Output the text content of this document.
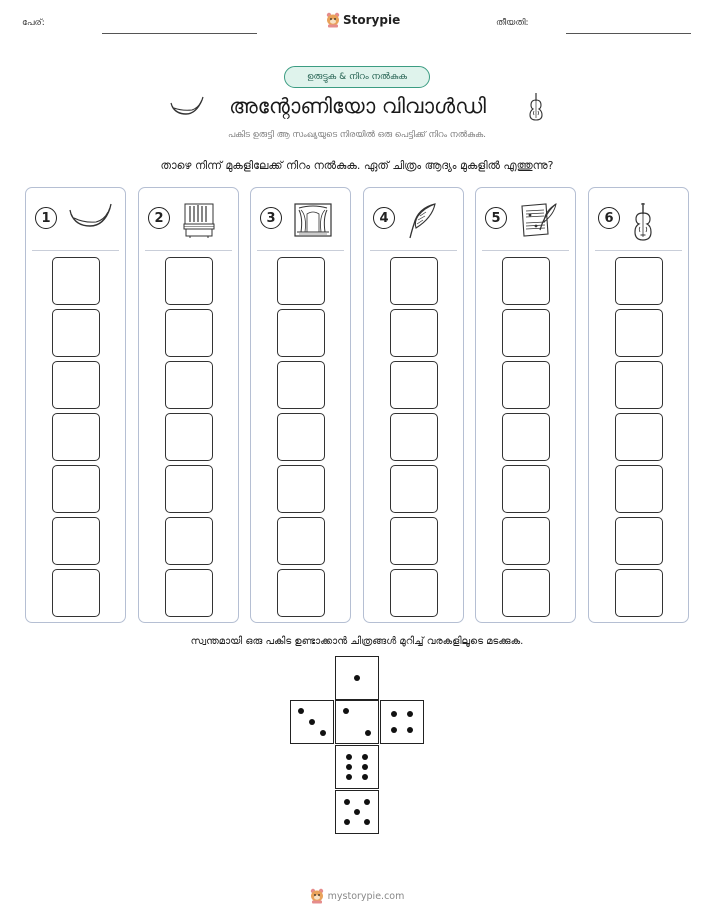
പേര്:	Storypie	തീയതി:
ഉരുട്ടുക & നിറം നൽകുക
അന്റോണിയോ വിവാൾഡി
പകിട ഉരുട്ടി ആ സംഖ്യയുടെ നിരയിൽ ഒരു പെട്ടിക്ക് നിറം നൽകുക.
താഴെ നിന്ന് മുകളിലേക്ക് നിറം നൽകുക. ഏത് ചിത്രം ആദ്യം മുകളിൽ എത്തുന്നു?
1	2	3	4	5	6
സ്വന്തമായി ഒരു പകിട ഉണ്ടാക്കാൻ ചിത്രങ്ങൾ മുറിച്ച് വരകളിലൂടെ മടക്കുക.
mystorypie.com
